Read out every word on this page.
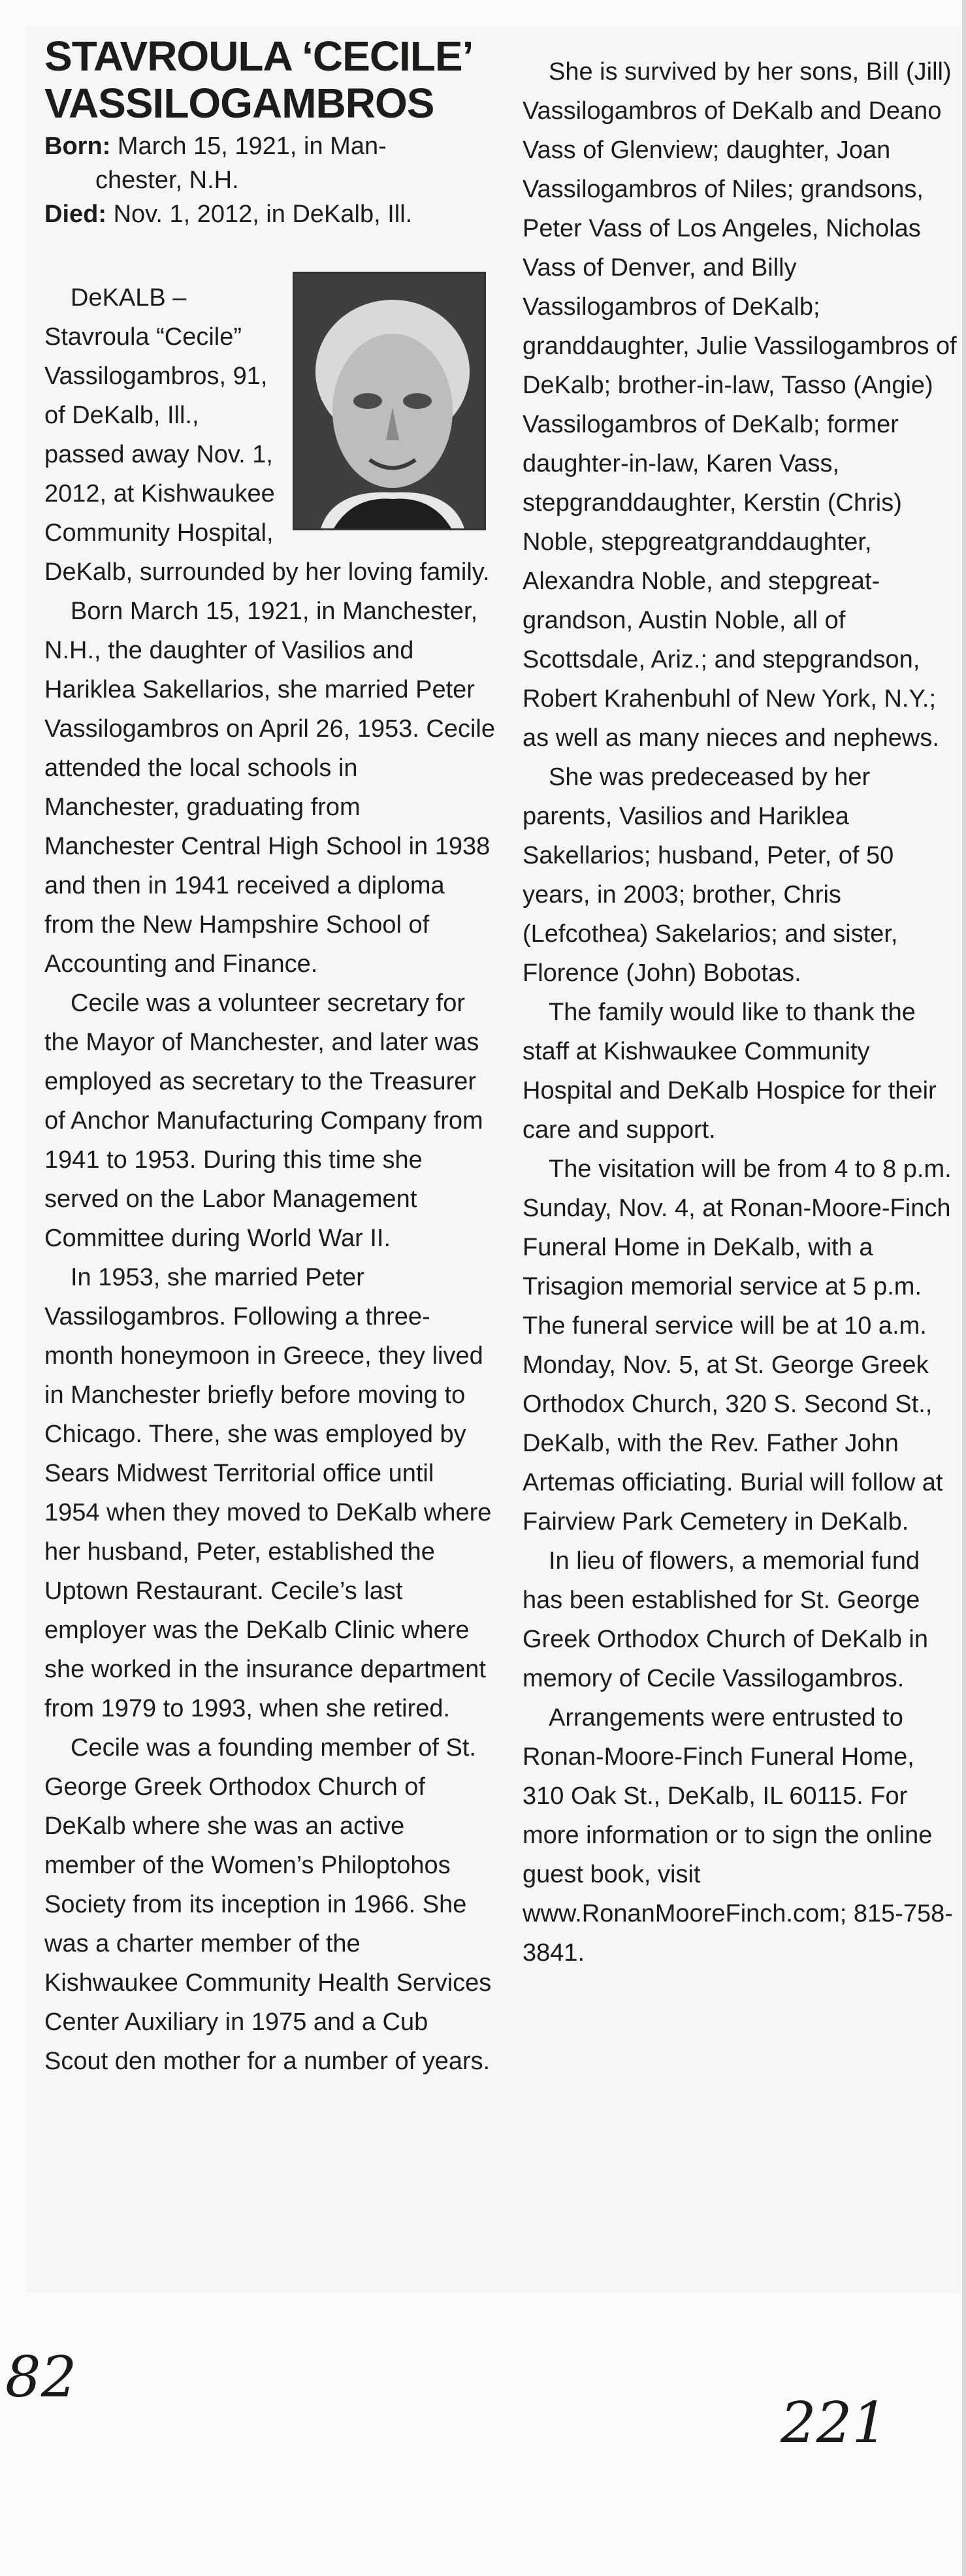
STAVROULA ‘CECILE’
VASSILOGAMBROS
Born: March 15, 1921, in Man-
chester, N.H.
Died: Nov. 1, 2012, in DeKalb, Ill.

DeKALB – Stavroula “Cecile” Vassilogambros, 91, of DeKalb, Ill., passed away Nov. 1, 2012, at Kishwaukee Community Hospital, DeKalb, surrounded by her loving family.

Born March 15, 1921, in Manchester, N.H., the daughter of Vasilios and Hariklea Sakellarios, she married Peter Vassilogambros on April 26, 1953. Cecile attended the local schools in Manchester, graduating from Manchester Central High School in 1938 and then in 1941 received a diploma from the New Hampshire School of Accounting and Finance.

Cecile was a volunteer secretary for the Mayor of Manchester, and later was employed as secretary to the Treasurer of Anchor Manufacturing Company from 1941 to 1953. During this time she served on the Labor Management Committee during World War II.

In 1953, she married Peter Vassilogambros. Following a three-month honeymoon in Greece, they lived in Manchester briefly before moving to Chicago. There, she was employed by Sears Midwest Territorial office until 1954 when they moved to DeKalb where her husband, Peter, established the Uptown Restaurant. Cecile’s last employer was the DeKalb Clinic where she worked in the insurance department from 1979 to 1993, when she retired.

Cecile was a founding member of St. George Greek Orthodox Church of DeKalb where she was an active member of the Women’s Philoptohos Society from its inception in 1966. She was a charter member of the Kishwaukee Community Health Services Center Auxiliary in 1975 and a Cub Scout den mother for a number of years.

She is survived by her sons, Bill (Jill) Vassilogambros of DeKalb and Deano Vass of Glenview; daughter, Joan Vassilogambros of Niles; grandsons, Peter Vass of Los Angeles, Nicholas Vass of Denver, and Billy Vassilogambros of DeKalb; granddaughter, Julie Vassilogambros of DeKalb; brother-in-law, Tasso (Angie) Vassilogambros of DeKalb; former daughter-in-law, Karen Vass, stepgranddaughter, Kerstin (Chris) Noble, stepgreatgranddaughter, Alexandra Noble, and stepgreat-grandson, Austin Noble, all of Scottsdale, Ariz.; and stepgrandson, Robert Krahenbuhl of New York, N.Y.; as well as many nieces and nephews.

She was predeceased by her parents, Vasilios and Hariklea Sakellarios; husband, Peter, of 50 years, in 2003; brother, Chris (Lefcothea) Sakelarios; and sister, Florence (John) Bobotas.

The family would like to thank the staff at Kishwaukee Community Hospital and DeKalb Hospice for their care and support.

The visitation will be from 4 to 8 p.m. Sunday, Nov. 4, at Ronan-Moore-Finch Funeral Home in DeKalb, with a Trisagion memorial service at 5 p.m. The funeral service will be at 10 a.m. Monday, Nov. 5, at St. George Greek Orthodox Church, 320 S. Second St., DeKalb, with the Rev. Father John Artemas officiating. Burial will follow at Fairview Park Cemetery in DeKalb.

In lieu of flowers, a memorial fund has been established for St. George Greek Orthodox Church of DeKalb in memory of Cecile Vassilogambros.

Arrangements were entrusted to Ronan-Moore-Finch Funeral Home, 310 Oak St., DeKalb, IL 60115. For more information or to sign the online guest book, visit www.RonanMooreFinch.com; 815-758-3841.

82
221
